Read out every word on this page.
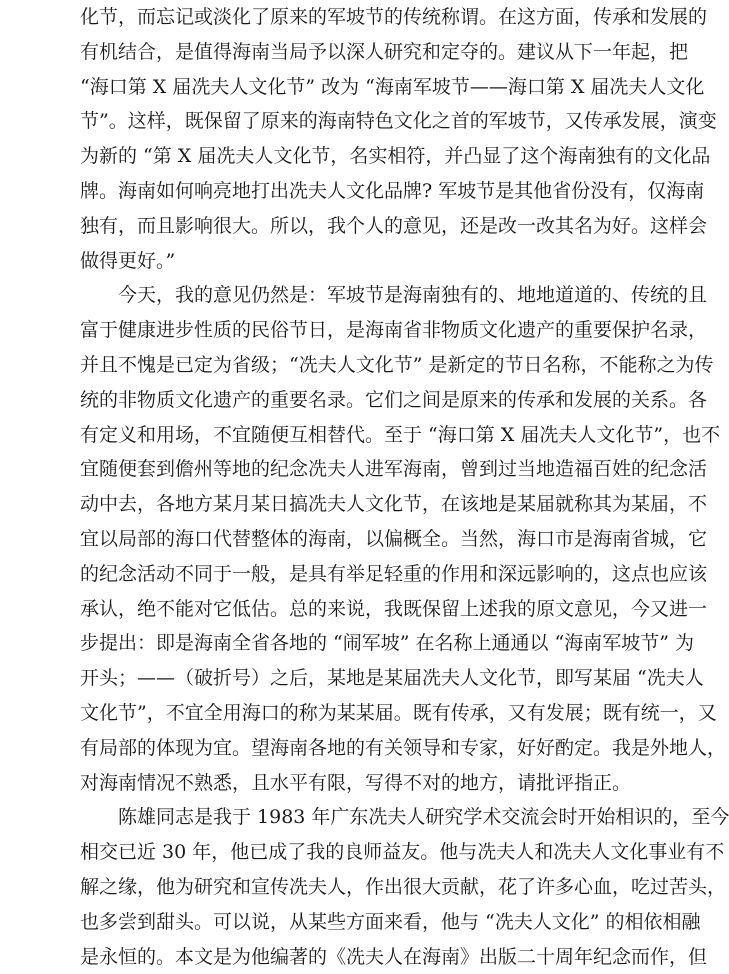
化节，而忘记或淡化了原来的军坡节的传统称谓。在这方面，传承和发展的
有机结合，是值得海南当局予以深人研究和定夺的。建议从下一年起，把
“海口第 X 届冼夫人文化节” 改为 “海南军坡节——海口第 X 届冼夫人文化
节”。这样，既保留了原来的海南特色文化之首的军坡节，又传承发展，演变
为新的 “第 X 届冼夫人文化节，名实相符，并凸显了这个海南独有的文化品
牌。海南如何响亮地打出冼夫人文化品牌? 军坡节是其他省份没有，仅海南
独有，而且影响很大。所以，我个人的意见，还是改一改其名为好。这样会
做得更好。”
今天，我的意见仍然是：军坡节是海南独有的、地地道道的、传统的且
富于健康进步性质的民俗节日，是海南省非物质文化遗产的重要保护名录，
并且不愧是已定为省级；“冼夫人文化节” 是新定的节日名称，不能称之为传
统的非物质文化遗产的重要名录。它们之间是原来的传承和发展的关系。各
有定义和用场，不宜随便互相替代。至于 “海口第 X 届冼夫人文化节”，也不
宜随便套到儋州等地的纪念冼夫人进军海南，曾到过当地造福百姓的纪念活
动中去，各地方某月某日搞冼夫人文化节，在该地是某届就称其为某届，不
宜以局部的海口代替整体的海南，以偏概全。当然，海口市是海南省城，它
的纪念活动不同于一般，是具有举足轻重的作用和深远影响的，这点也应该
承认，绝不能对它低估。总的来说，我既保留上述我的原文意见，今又进一
步提出：即是海南全省各地的 “闹军坡” 在名称上通通以 “海南军坡节” 为
开头；——（破折号）之后，某地是某届冼夫人文化节，即写某届 “冼夫人
文化节”，不宜全用海口的称为某某届。既有传承，又有发展；既有统一，又
有局部的体现为宜。望海南各地的有关领导和专家，好好酌定。我是外地人，
对海南情况不熟悉，且水平有限，写得不对的地方，请批评指正。
陈雄同志是我于 1983 年广东冼夫人研究学术交流会时开始相识的，至今
相交已近 30 年，他已成了我的良师益友。他与冼夫人和冼夫人文化事业有不
解之缘，他为研究和宣传冼夫人，作出很大贡献，花了许多心血，吃过苦头，
也多尝到甜头。可以说，从某些方面来看，他与 “冼夫人文化” 的相依相融
是永恒的。本文是为他编著的《冼夫人在海南》出版二十周年纪念而作，但
